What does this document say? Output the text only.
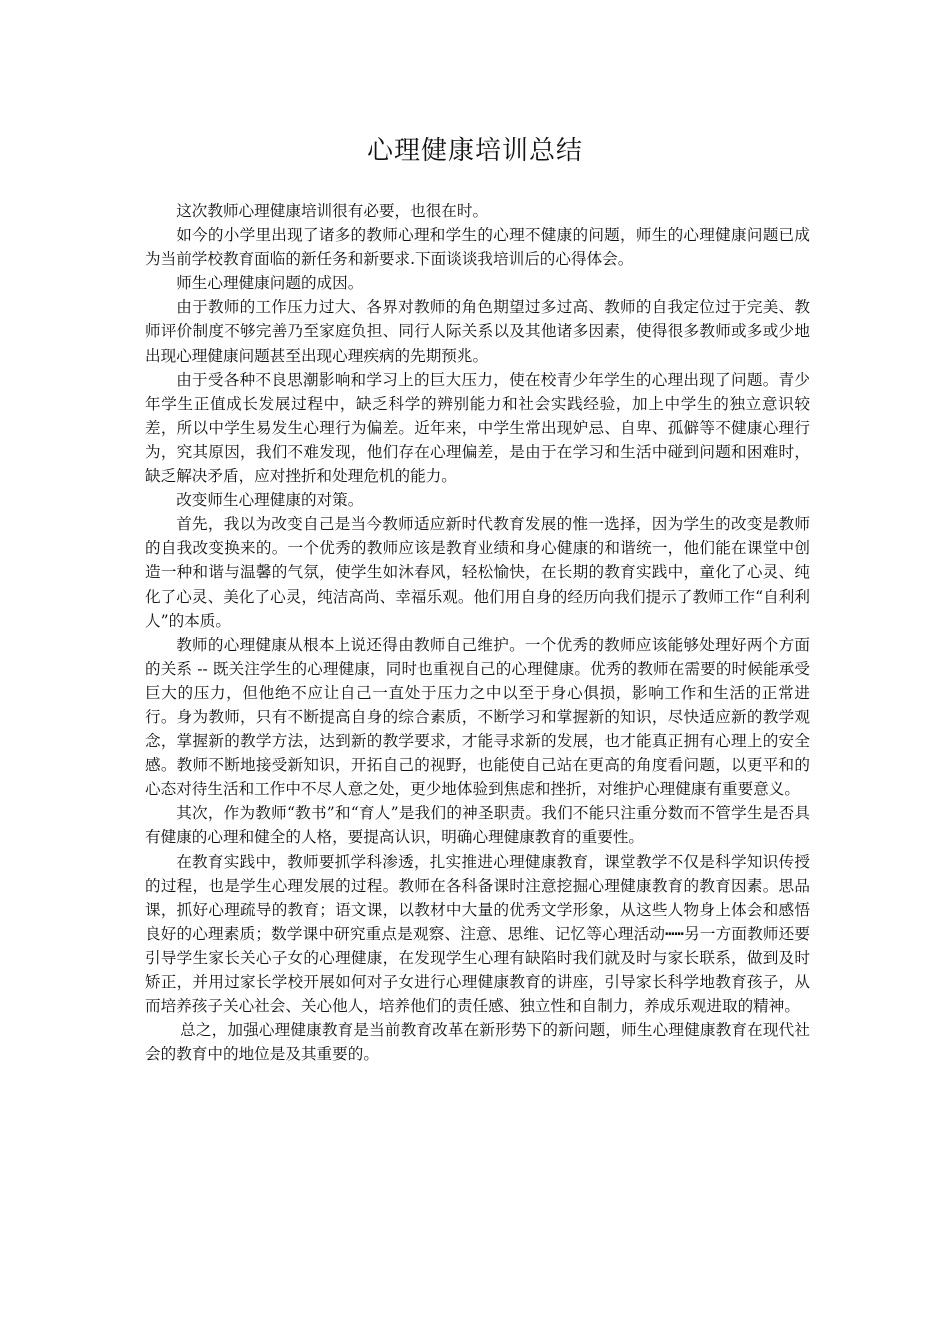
心理健康培训总结

这次教师心理健康培训很有必要，也很在时。

如今的小学里出现了诸多的教师心理和学生的心理不健康的问题，师生的心理健康问题已成为当前学校教育面临的新任务和新要求.下面谈谈我培训后的心得体会。

师生心理健康问题的成因。

由于教师的工作压力过大、各界对教师的角色期望过多过高、教师的自我定位过于完美、教师评价制度不够完善乃至家庭负担、同行人际关系以及其他诸多因素，使得很多教师或多或少地出现心理健康问题甚至出现心理疾病的先期预兆。

由于受各种不良思潮影响和学习上的巨大压力，使在校青少年学生的心理出现了问题。青少年学生正值成长发展过程中，缺乏科学的辨别能力和社会实践经验，加上中学生的独立意识较差，所以中学生易发生心理行为偏差。近年来，中学生常出现妒忌、自卑、孤僻等不健康心理行为，究其原因，我们不难发现，他们存在心理偏差，是由于在学习和生活中碰到问题和困难时，缺乏解决矛盾，应对挫折和处理危机的能力。

改变师生心理健康的对策。

首先，我以为改变自己是当今教师适应新时代教育发展的惟一选择，因为学生的改变是教师的自我改变换来的。一个优秀的教师应该是教育业绩和身心健康的和谐统一，他们能在课堂中创造一种和谐与温馨的气氛，使学生如沐春风，轻松愉快，在长期的教育实践中，童化了心灵、纯化了心灵、美化了心灵，纯洁高尚、幸福乐观。他们用自身的经历向我们提示了教师工作“自利利人”的本质。

教师的心理健康从根本上说还得由教师自己维护。一个优秀的教师应该能够处理好两个方面的关系 -- 既关注学生的心理健康，同时也重视自己的心理健康。优秀的教师在需要的时候能承受巨大的压力，但他绝不应让自己一直处于压力之中以至于身心俱损，影响工作和生活的正常进行。身为教师，只有不断提高自身的综合素质，不断学习和掌握新的知识，尽快适应新的教学观念，掌握新的教学方法，达到新的教学要求，才能寻求新的发展，也才能真正拥有心理上的安全感。教师不断地接受新知识，开拓自己的视野，也能使自己站在更高的角度看问题，以更平和的心态对待生活和工作中不尽人意之处，更少地体验到焦虑和挫折，对维护心理健康有重要意义。

其次，作为教师“教书”和“育人”是我们的神圣职责。我们不能只注重分数而不管学生是否具有健康的心理和健全的人格，要提高认识，明确心理健康教育的重要性。

在教育实践中，教师要抓学科渗透，扎实推进心理健康教育，课堂教学不仅是科学知识传授的过程，也是学生心理发展的过程。教师在各科备课时注意挖掘心理健康教育的教育因素。思品课，抓好心理疏导的教育；语文课，以教材中大量的优秀文学形象，从这些人物身上体会和感悟良好的心理素质；数学课中研究重点是观察、注意、思维、记忆等心理活动┅┅另一方面教师还要引导学生家长关心子女的心理健康，在发现学生心理有缺陷时我们就及时与家长联系，做到及时矫正，并用过家长学校开展如何对子女进行心理健康教育的讲座，引导家长科学地教育孩子，从而培养孩子关心社会、关心他人，培养他们的责任感、独立性和自制力，养成乐观进取的精神。

总之，加强心理健康教育是当前教育改革在新形势下的新问题，师生心理健康教育在现代社会的教育中的地位是及其重要的。
